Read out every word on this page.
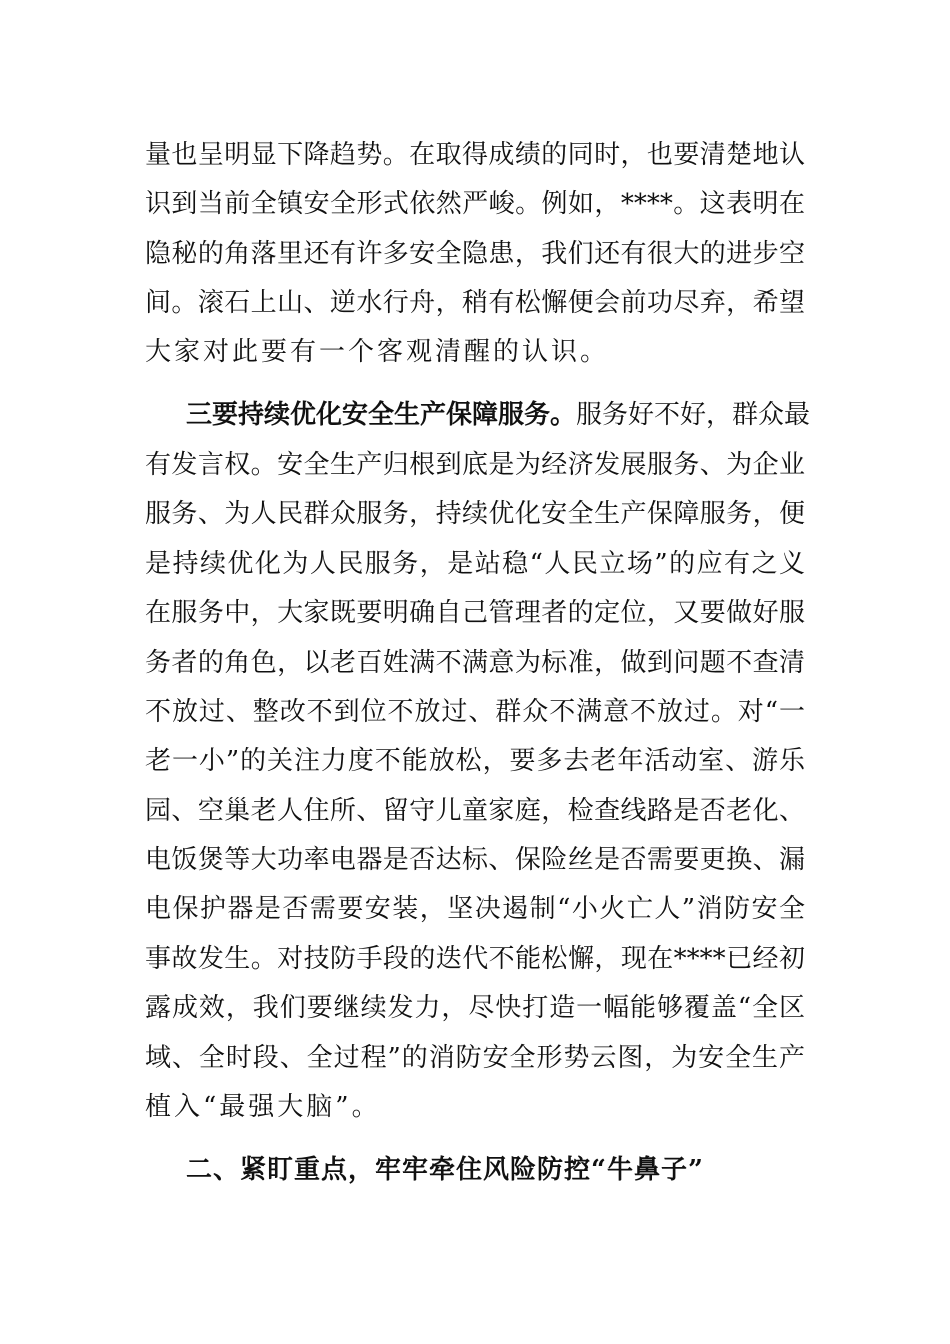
量也呈明显下降趋势。在取得成绩的同时，也要清楚地认
识到当前全镇安全形式依然严峻。例如，****。这表明在
隐秘的角落里还有许多安全隐患，我们还有很大的进步空
间。滚石上山、逆水行舟，稍有松懈便会前功尽弃，希望
大家对此要有一个客观清醒的认识。
三要持续优化安全生产保障服务。服务好不好，群众最
有发言权。安全生产归根到底是为经济发展服务、为企业
服务、为人民群众服务，持续优化安全生产保障服务，便
是持续优化为人民服务，是站稳“人民立场”的应有之义
在服务中，大家既要明确自己管理者的定位，又要做好服
务者的角色，以老百姓满不满意为标准，做到问题不查清
不放过、整改不到位不放过、群众不满意不放过。对“一
老一小”的关注力度不能放松，要多去老年活动室、游乐
园、空巢老人住所、留守儿童家庭，检查线路是否老化、
电饭煲等大功率电器是否达标、保险丝是否需要更换、漏
电保护器是否需要安装，坚决遏制“小火亡人”消防安全
事故发生。对技防手段的迭代不能松懈，现在****已经初
露成效，我们要继续发力，尽快打造一幅能够覆盖“全区
域、全时段、全过程”的消防安全形势云图，为安全生产
植入“最强大脑”。
二、紧盯重点，牢牢牵住风险防控“牛鼻子”
